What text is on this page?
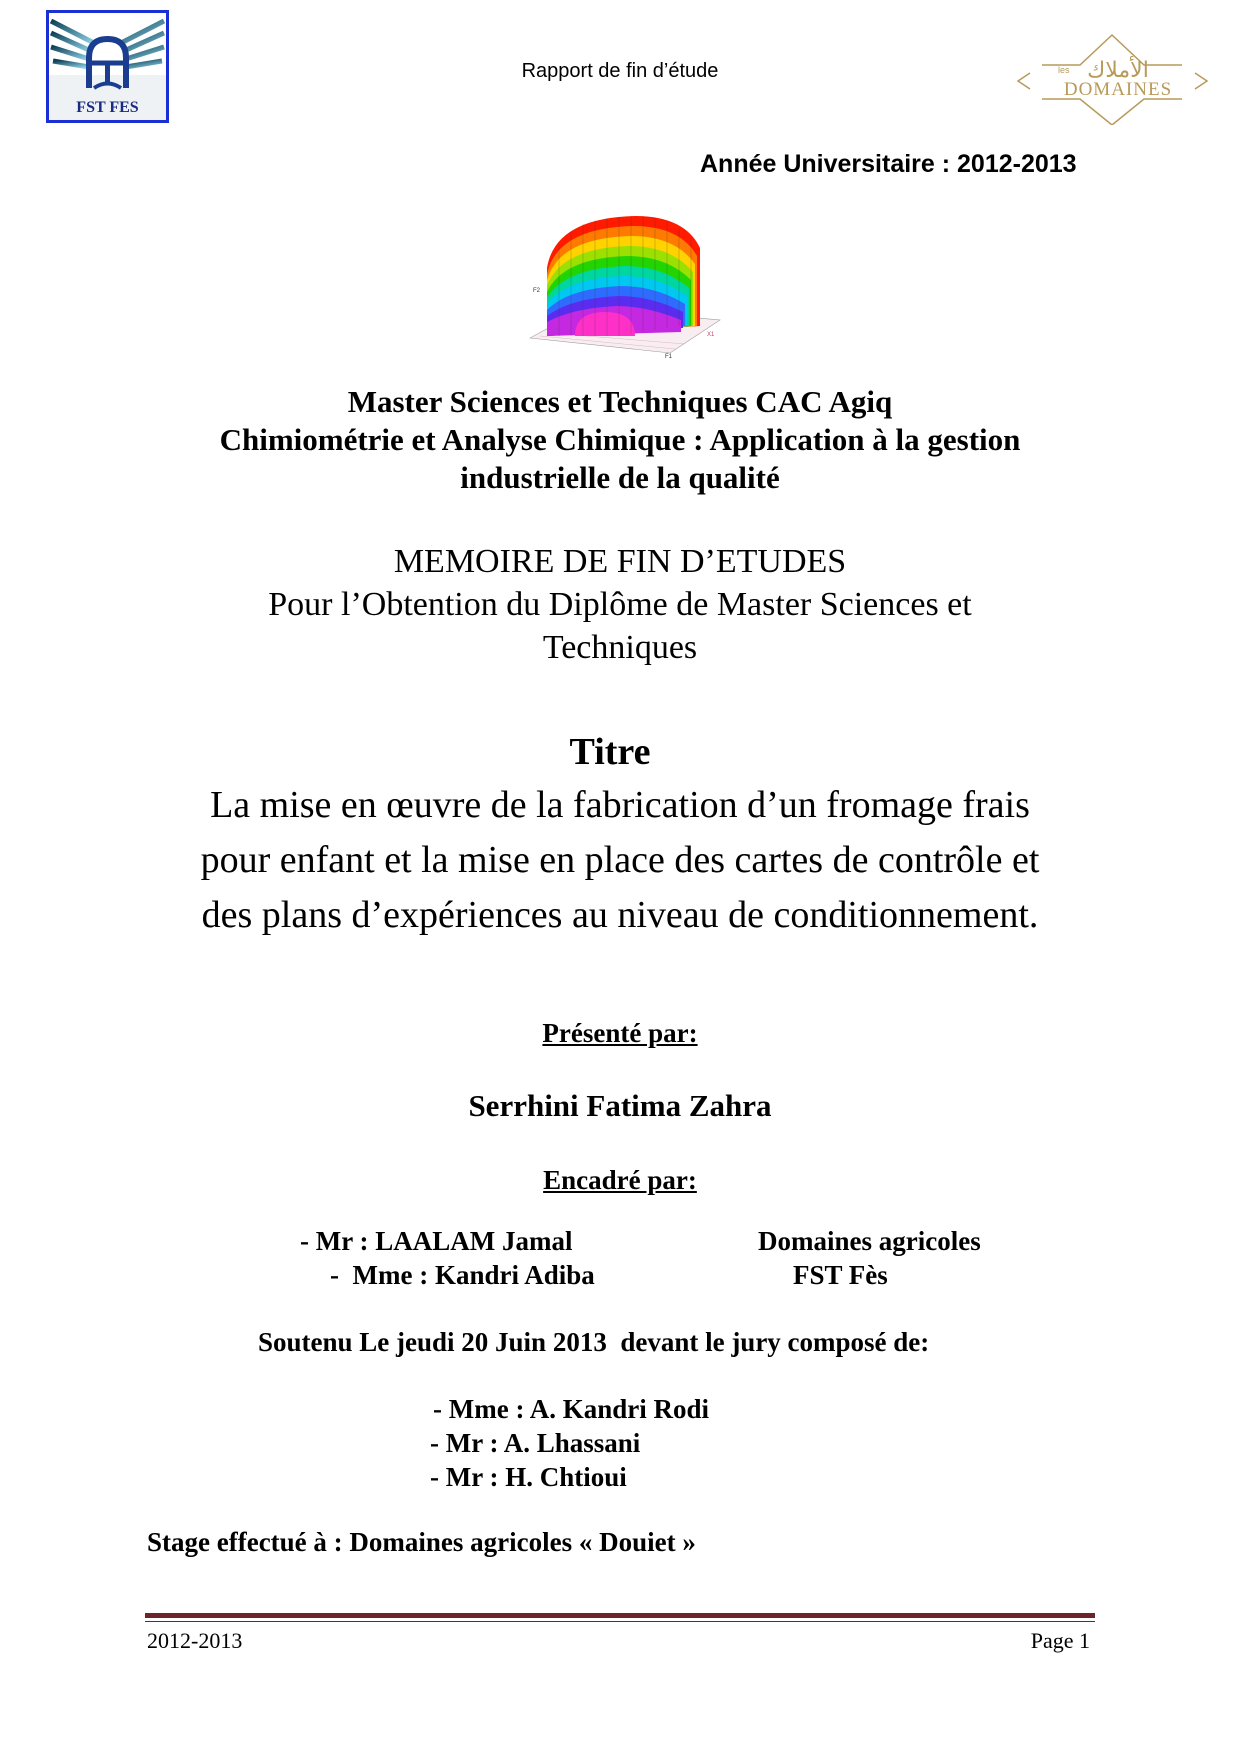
FST FES
Rapport de fin d’étude	الأملاك
les
DOMAINES
Année Universitaire : 2012-2013
F2
X1
F1
Master Sciences et Techniques CAC Agiq
Chimiométrie et Analyse Chimique : Application à la gestion
industrielle de la qualité
MEMOIRE DE FIN D’ETUDES
Pour l’Obtention du Diplôme de Master Sciences et
Techniques
Titre
La mise en œuvre de la fabrication d’un fromage frais
pour enfant et la mise en place des cartes de contrôle et
des plans d’expériences au niveau de conditionnement.
Présenté par:
Serrhini Fatima Zahra
Encadré par:
- Mr : LAALAM Jamal	Domaines agricoles
-  Mme : Kandri Adiba	FST Fès
Soutenu Le jeudi 20 Juin 2013  devant le jury composé de:
- Mme : A. Kandri Rodi
- Mr : A. Lhassani
- Mr : H. Chtioui
Stage effectué à : Domaines agricoles « Douiet »
2012-2013	Page 1
